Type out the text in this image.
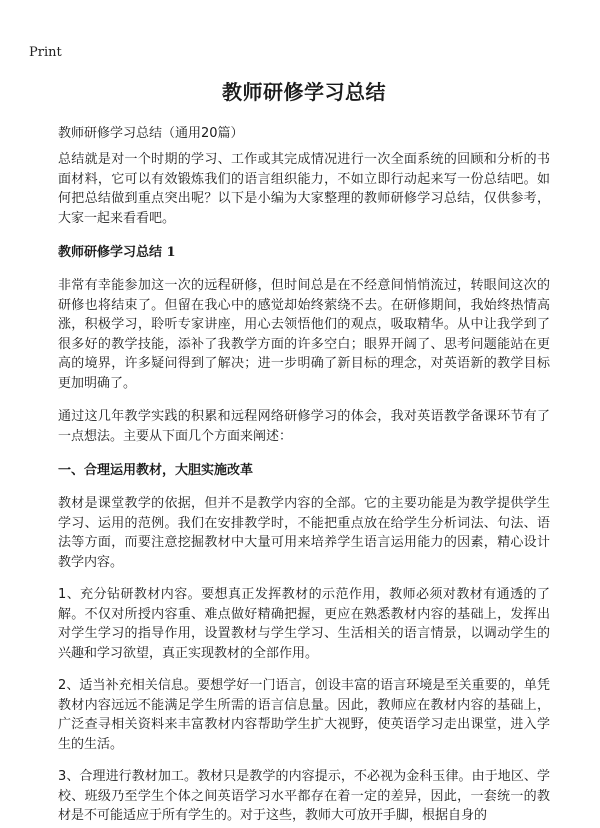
Print
教师研修学习总结

教师研修学习总结（通用20篇）

总结就是对一个时期的学习、工作或其完成情况进行一次全面系统的回顾和分析的书面材料，它可以有效锻炼我们的语言组织能力，不如立即行动起来写一份总结吧。如何把总结做到重点突出呢？以下是小编为大家整理的教师研修学习总结，仅供参考，大家一起来看看吧。

教师研修学习总结 1

非常有幸能参加这一次的远程研修，但时间总是在不经意间悄悄流过，转眼间这次的研修也将结束了。但留在我心中的感觉却始终萦绕不去。在研修期间，我始终热情高涨，积极学习，聆听专家讲座，用心去领悟他们的观点，吸取精华。从中让我学到了很多好的教学技能，添补了我教学方面的许多空白；眼界开阔了、思考问题能站在更高的境界，许多疑问得到了解决；进一步明确了新目标的理念，对英语新的教学目标更加明确了。

通过这几年教学实践的积累和远程网络研修学习的体会，我对英语教学备课环节有了一点想法。主要从下面几个方面来阐述：

一、合理运用教材，大胆实施改革

教材是课堂教学的依据，但并不是教学内容的全部。它的主要功能是为教学提供学生学习、运用的范例。我们在安排教学时，不能把重点放在给学生分析词法、句法、语法等方面，而要注意挖掘教材中大量可用来培养学生语言运用能力的因素，精心设计教学内容。

1、充分钻研教材内容。要想真正发挥教材的示范作用，教师必须对教材有通透的了解。不仅对所授内容重、难点做好精确把握，更应在熟悉教材内容的基础上，发挥出对学生学习的指导作用，设置教材与学生学习、生活相关的语言情景，以调动学生的兴趣和学习欲望，真正实现教材的全部作用。

2、适当补充相关信息。要想学好一门语言，创设丰富的语言环境是至关重要的，单凭教材内容远远不能满足学生所需的语言信息量。因此，教师应在教材内容的基础上，广泛查寻相关资料来丰富教材内容帮助学生扩大视野，使英语学习走出课堂，进入学生的生活。

3、合理进行教材加工。教材只是教学的内容提示，不必视为金科玉律。由于地区、学校、班级乃至学生个体之间英语学习水平都存在着一定的差异，因此，一套统一的教材是不可能适应于所有学生的。对于这些，教师大可放开手脚，根据自身的
